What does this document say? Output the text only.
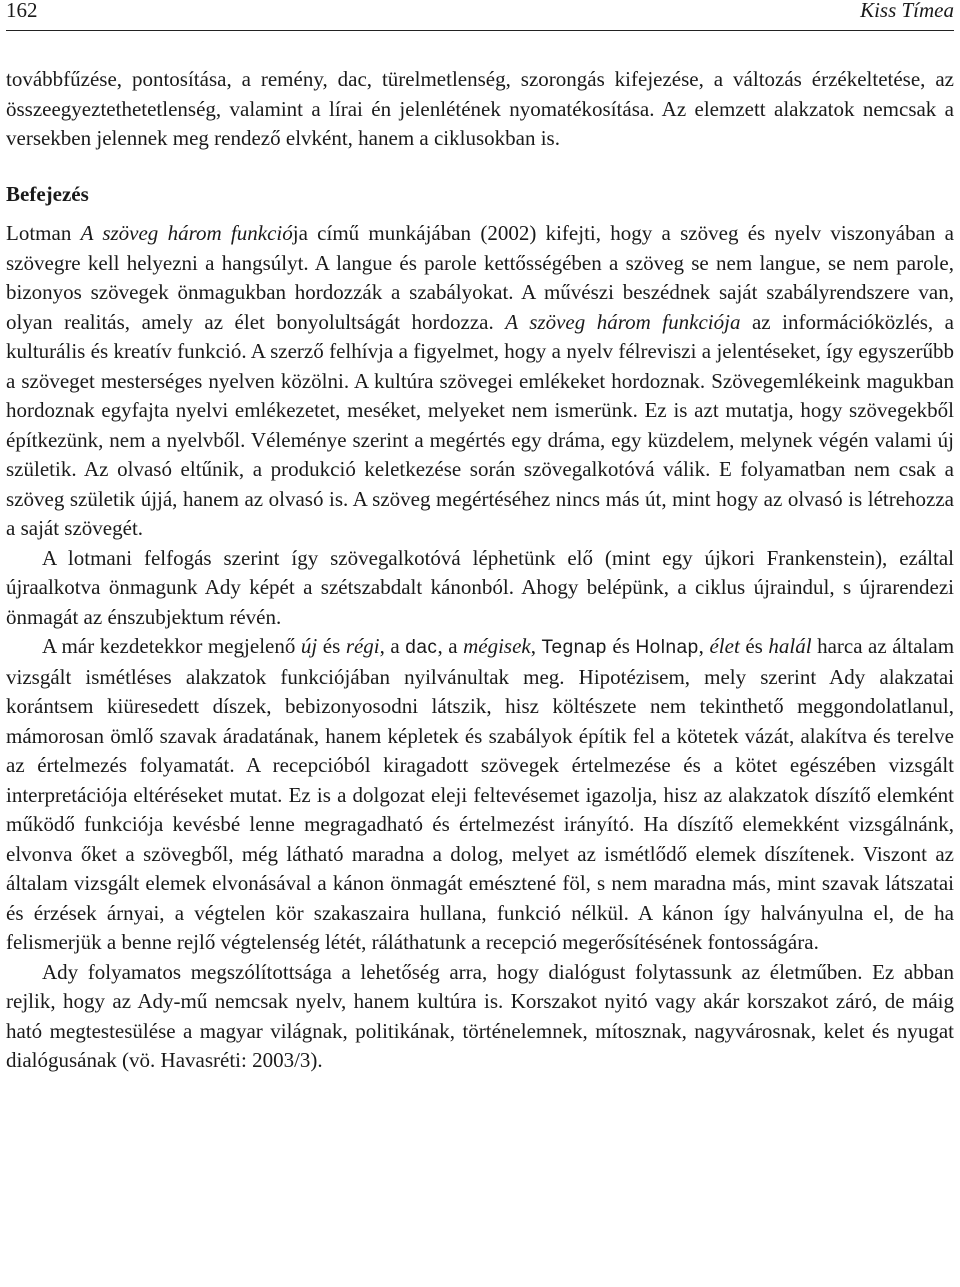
162	Kiss Tímea

továbbfűzése, pontosítása, a remény, dac, türelmetlenség, szorongás kifejezése, a változás érzékeltetése, az összeegyeztethetetlenség, valamint a lírai én jelenlétének nyomatékosítása. Az elemzett alakzatok nemcsak a versekben jelennek meg rendező elvként, hanem a ciklusokban is.

Befejezés

Lotman A szöveg három funkciója című munkájában (2002) kifejti, hogy a szöveg és nyelv viszonyában a szövegre kell helyezni a hangsúlyt. A langue és parole kettősségében a szöveg se nem langue, se nem parole, bizonyos szövegek önmagukban hordozzák a szabályokat. A művészi beszédnek saját szabályrendszere van, olyan realitás, amely az élet bonyolultságát hordozza. A szöveg három funkciója az információközlés, a kulturális és kreatív funkció. A szerző felhívja a figyelmet, hogy a nyelv félreviszi a jelentéseket, így egyszerűbb a szöveget mesterséges nyelven közölni. A kultúra szövegei emlékeket hordoznak. Szövegemlékeink magukban hordoznak egyfajta nyelvi emlékezetet, meséket, melyeket nem ismerünk. Ez is azt mutatja, hogy szövegekből építkezünk, nem a nyelvből. Véleménye szerint a megértés egy dráma, egy küzdelem, melynek végén valami új születik. Az olvasó eltűnik, a produkció keletkezése során szövegalkotóvá válik. E folyamatban nem csak a szöveg születik újjá, hanem az olvasó is. A szöveg megértéséhez nincs más út, mint hogy az olvasó is létrehozza a saját szövegét.

A lotmani felfogás szerint így szövegalkotóvá léphetünk elő (mint egy újkori Frankenstein), ezáltal újraalkotva önmagunk Ady képét a szétszabdalt kánonból. Ahogy belépünk, a ciklus újraindul, s újrarendezi önmagát az énszubjektum révén.

A már kezdetekkor megjelenő új és régi, a dac, a mégisek, Tegnap és Holnap, élet és halál harca az általam vizsgált ismétléses alakzatok funkciójában nyilvánultak meg. Hipotézisem, mely szerint Ady alakzatai korántsem kiüresedett díszek, bebizonyosodni látszik, hisz költészete nem tekinthető meggondolatlanul, mámorosan ömlő szavak áradatának, hanem képletek és szabályok építik fel a kötetek vázát, alakítva és terelve az értelmezés folyamatát. A recepcióból kiragadott szövegek értelmezése és a kötet egészében vizsgált interpretációja eltéréseket mutat. Ez is a dolgozat eleji feltevésemet igazolja, hisz az alakzatok díszítő elemként működő funkciója kevésbé lenne megragadható és értelmezést irányító. Ha díszítő elemekként vizsgálnánk, elvonva őket a szövegből, még látható maradna a dolog, melyet az ismétlődő elemek díszítenek. Viszont az általam vizsgált elemek elvonásával a kánon önmagát emésztené föl, s nem maradna más, mint szavak látszatai és érzések árnyai, a végtelen kör szakaszaira hullana, funkció nélkül. A kánon így halványulna el, de ha felismerjük a benne rejlő végtelenség létét, ráláthatunk a recepció megerősítésének fontosságára.

Ady folyamatos megszólítottsága a lehetőség arra, hogy dialógust folytassunk az életműben. Ez abban rejlik, hogy az Ady-mű nemcsak nyelv, hanem kultúra is. Korszakot nyitó vagy akár korszakot záró, de máig ható megtestesülése a magyar világnak, politikának, történelemnek, mítosznak, nagyvárosnak, kelet és nyugat dialógusának (vö. Havasréti: 2003/3).
